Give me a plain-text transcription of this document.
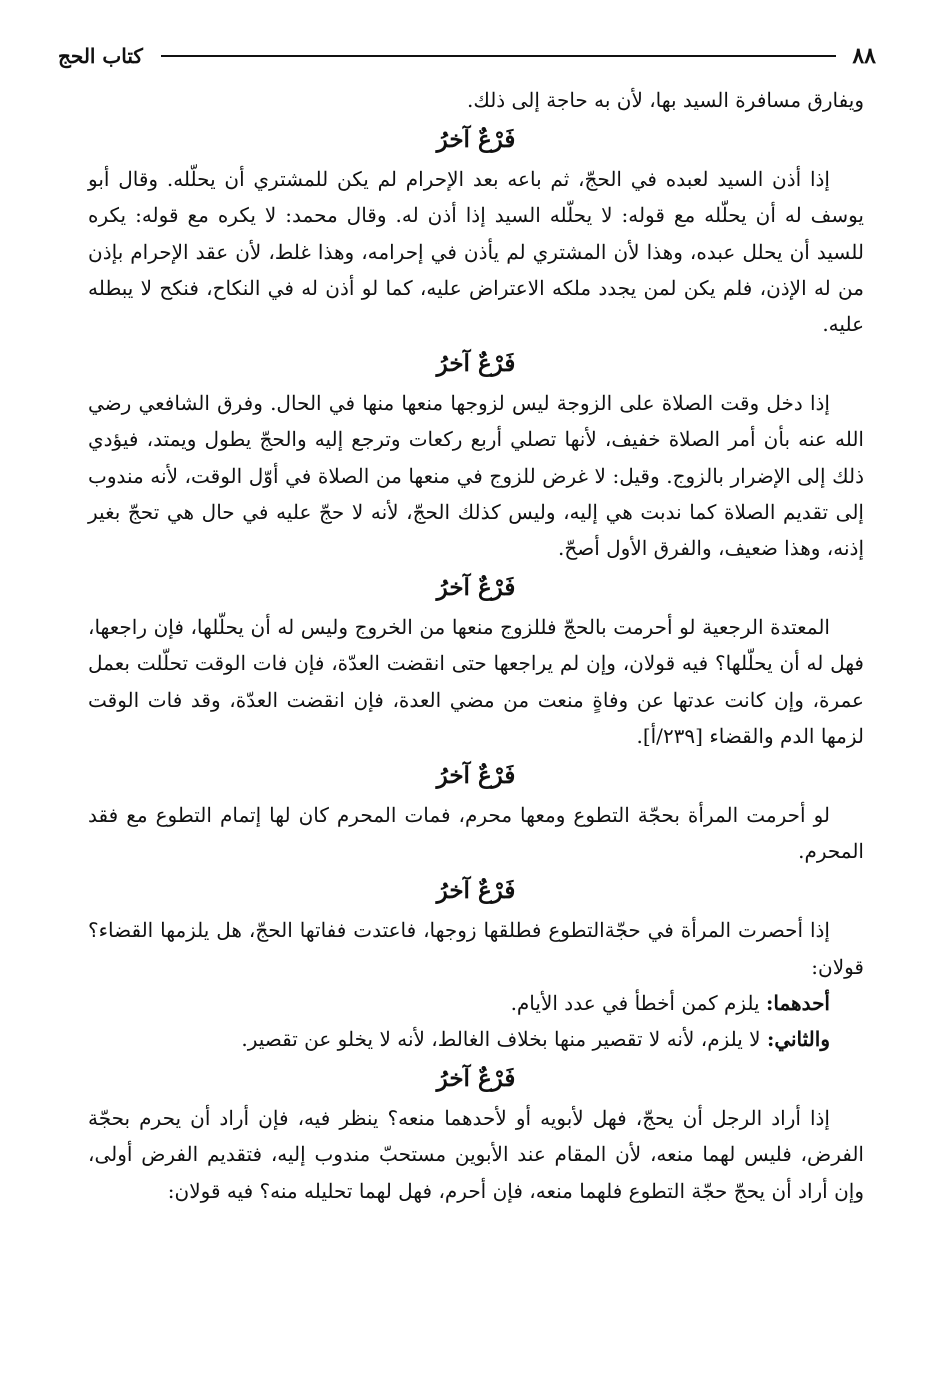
٨٨
كتاب الحج

ويفارق مسافرة السيد بها، لأن به حاجة إلى ذلك.

فَرْعٌ آخرُ

إذا أذن السيد لعبده في الحجّ، ثم باعه بعد الإحرام لم يكن للمشتري أن يحلّله. وقال أبو يوسف له أن يحلّله مع قوله: لا يحلّله السيد إذا أذن له. وقال محمد: لا يكره مع قوله: يكره للسيد أن يحلل عبده، وهذا لأن المشتري لم يأذن في إحرامه، وهذا غلط، لأن عقد الإحرام بإذن من له الإذن، فلم يكن لمن يجدد ملكه الاعتراض عليه، كما لو أذن له في النكاح، فنكح لا يبطله عليه.

فَرْعٌ آخرُ

إذا دخل وقت الصلاة على الزوجة ليس لزوجها منعها منها في الحال. وفرق الشافعي رضي الله عنه بأن أمر الصلاة خفيف، لأنها تصلي أربع ركعات وترجع إليه والحجّ يطول ويمتد، فيؤدي ذلك إلى الإضرار بالزوج. وقيل: لا غرض للزوج في منعها من الصلاة في أوّل الوقت، لأنه مندوب إلى تقديم الصلاة كما ندبت هي إليه، وليس كذلك الحجّ، لأنه لا حجّ عليه في حال هي تحجّ بغير إذنه، وهذا ضعيف، والفرق الأول أصحّ.

فَرْعٌ آخرُ

المعتدة الرجعية لو أحرمت بالحجّ فللزوج منعها من الخروج وليس له أن يحلّلها، فإن راجعها، فهل له أن يحلّلها؟ فيه قولان، وإن لم يراجعها حتى انقضت العدّة، فإن فات الوقت تحلّلت بعمل عمرة، وإن كانت عدتها عن وفاةٍ منعت من مضي العدة، فإن انقضت العدّة، وقد فات الوقت لزمها الدم والقضاء [٢٣٩/أ].

فَرْعٌ آخرُ

لو أحرمت المرأة بحجّة التطوع ومعها محرم، فمات المحرم كان لها إتمام التطوع مع فقد المحرم.

فَرْعٌ آخرُ

إذا أحصرت المرأة في حجّةالتطوع فطلقها زوجها، فاعتدت ففاتها الحجّ، هل يلزمها القضاء؟ قولان:

أحدهما: يلزم كمن أخطأ في عدد الأيام.

والثاني: لا يلزم، لأنه لا تقصير منها بخلاف الغالط، لأنه لا يخلو عن تقصير.

فَرْعٌ آخرُ

إذا أراد الرجل أن يحجّ، فهل لأبويه أو لأحدهما منعه؟ ينظر فيه، فإن أراد أن يحرم بحجّة الفرض، فليس لهما منعه، لأن المقام عند الأبوين مستحبّ مندوب إليه، فتقديم الفرض أولى، وإن أراد أن يحجّ حجّة التطوع فلهما منعه، فإن أحرم، فهل لهما تحليله منه؟ فيه قولان:
